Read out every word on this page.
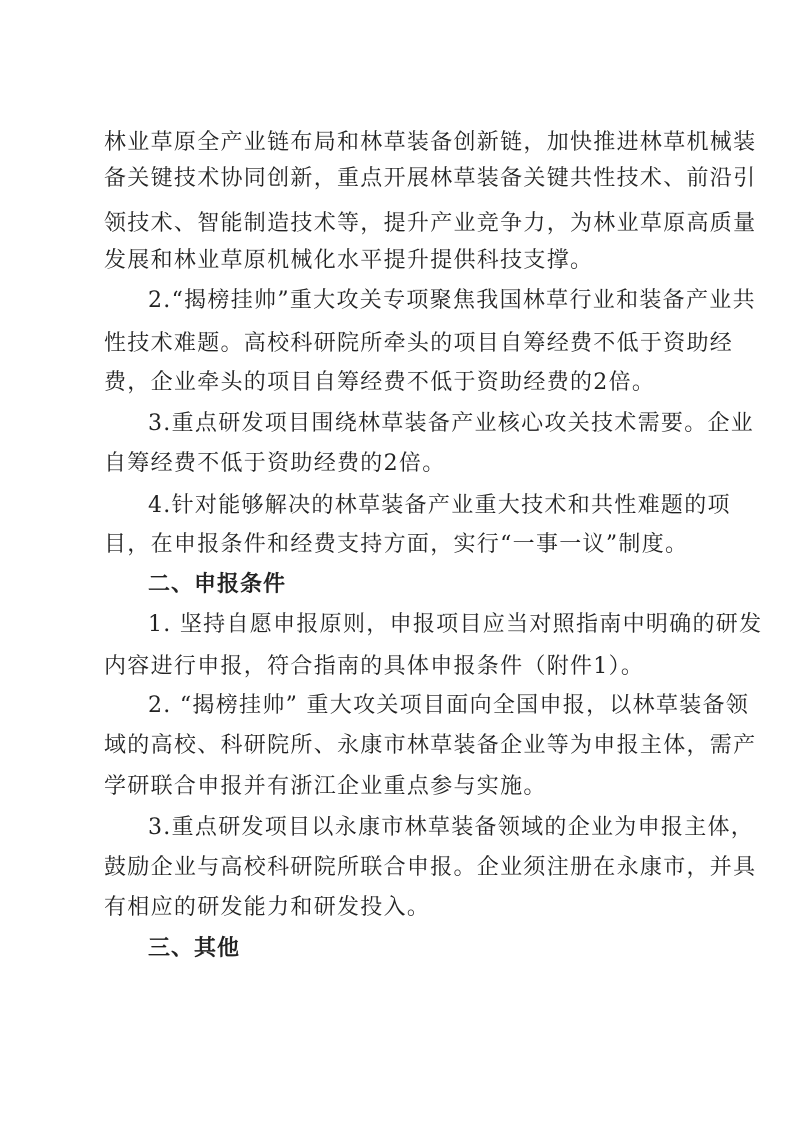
林业草原全产业链布局和林草装备创新链，加快推进林草机械装
备关键技术协同创新，重点开展林草装备关键共性技术、前沿引
领技术、智能制造技术等，提升产业竞争力，为林业草原高质量
发展和林业草原机械化水平提升提供科技支撑。
2.“揭榜挂帅”重大攻关专项聚焦我国林草行业和装备产业共
性技术难题。高校科研院所牵头的项目自筹经费不低于资助经
费，企业牵头的项目自筹经费不低于资助经费的2倍。
3.重点研发项目围绕林草装备产业核心攻关技术需要。企业
自筹经费不低于资助经费的2倍。
4.针对能够解决的林草装备产业重大技术和共性难题的项
目，在申报条件和经费支持方面，实行“一事一议”制度。
二、申报条件
1. 坚持自愿申报原则，申报项目应当对照指南中明确的研发
内容进行申报，符合指南的具体申报条件（附件1）。
2. “揭榜挂帅” 重大攻关项目面向全国申报，以林草装备领
域的高校、科研院所、永康市林草装备企业等为申报主体，需产
学研联合申报并有浙江企业重点参与实施。
3.重点研发项目以永康市林草装备领域的企业为申报主体，
鼓励企业与高校科研院所联合申报。企业须注册在永康市，并具
有相应的研发能力和研发投入。
三、其他
